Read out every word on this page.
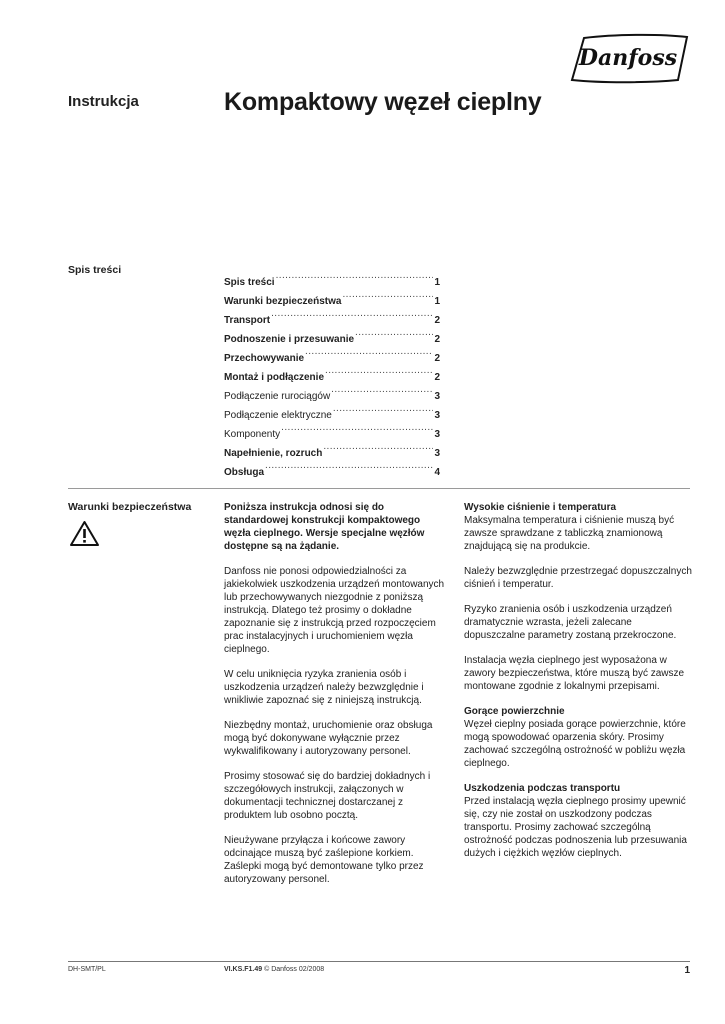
Danfoss
Instrukcja	Kompaktowy węzeł cieplny
Spis treści
Spis treści .....	1
Warunki bezpieczeństwa .....	1
Transport .....	2
Podnoszenie i przesuwanie .....	2
Przechowywanie .....	2
Montaż i podłączenie .....	2
Podłączenie rurociągów .....	3
Podłączenie elektryczne .....	3
Komponenty .....	3
Napełnienie, rozruch .....	3
Obsługa .....	4
Warunki bezpieczeństwa	Poniższa instrukcja odnosi się do standardowej konstrukcji kompaktowego węzła cieplnego. Wersje specjalne węzłów dostępne są na żądanie.

Danfoss nie ponosi odpowiedzialności za jakiekolwiek uszkodzenia urządzeń montowanych lub przechowywanych niezgodnie z poniższą instrukcją. Dlatego też prosimy o dokładne zapoznanie się z instrukcją przed rozpoczęciem prac instalacyjnych i uruchomieniem węzła cieplnego.

W celu uniknięcia ryzyka zranienia osób i uszkodzenia urządzeń należy bezwzględnie i wnikliwie zapoznać się z niniejszą instrukcją.

Niezbędny montaż, uruchomienie oraz obsługa mogą być dokonywane wyłącznie przez wykwalifikowany i autoryzowany personel.

Prosimy stosować się do bardziej dokładnych i szczegółowych instrukcji, załączonych w dokumentacji technicznej dostarczanej z produktem lub osobno pocztą.

Nieużywane przyłącza i końcowe zawory odcinające muszą być zaślepione korkiem. Zaślepki mogą być demontowane tylko przez autoryzowany personel.

Wysokie ciśnienie i temperatura

Maksymalna temperatura i ciśnienie muszą być zawsze sprawdzane z tabliczką znamionową znajdującą się na produkcie.

Należy bezwzględnie przestrzegać dopuszczalnych ciśnień i temperatur.

Ryzyko zranienia osób i uszkodzenia urządzeń dramatycznie wzrasta, jeżeli zalecane dopuszczalne parametry zostaną przekroczone.

Instalacja węzła cieplnego jest wyposażona w zawory bezpieczeństwa, które muszą być zawsze montowane zgodnie z lokalnymi przepisami.

Gorące powierzchnie

Węzeł cieplny posiada gorące powierzchnie, które mogą spowodować oparzenia skóry. Prosimy zachować szczególną ostrożność w pobliżu węzła cieplnego.

Uszkodzenia podczas transportu

Przed instalacją węzła cieplnego prosimy upewnić się, czy nie został on uszkodzony podczas transportu. Prosimy zachować szczególną ostrożność podczas podnoszenia lub przesuwania dużych i ciężkich węzłów cieplnych.

DH-SMT/PL	VI.KS.F1.49 © Danfoss 02/2008	1
